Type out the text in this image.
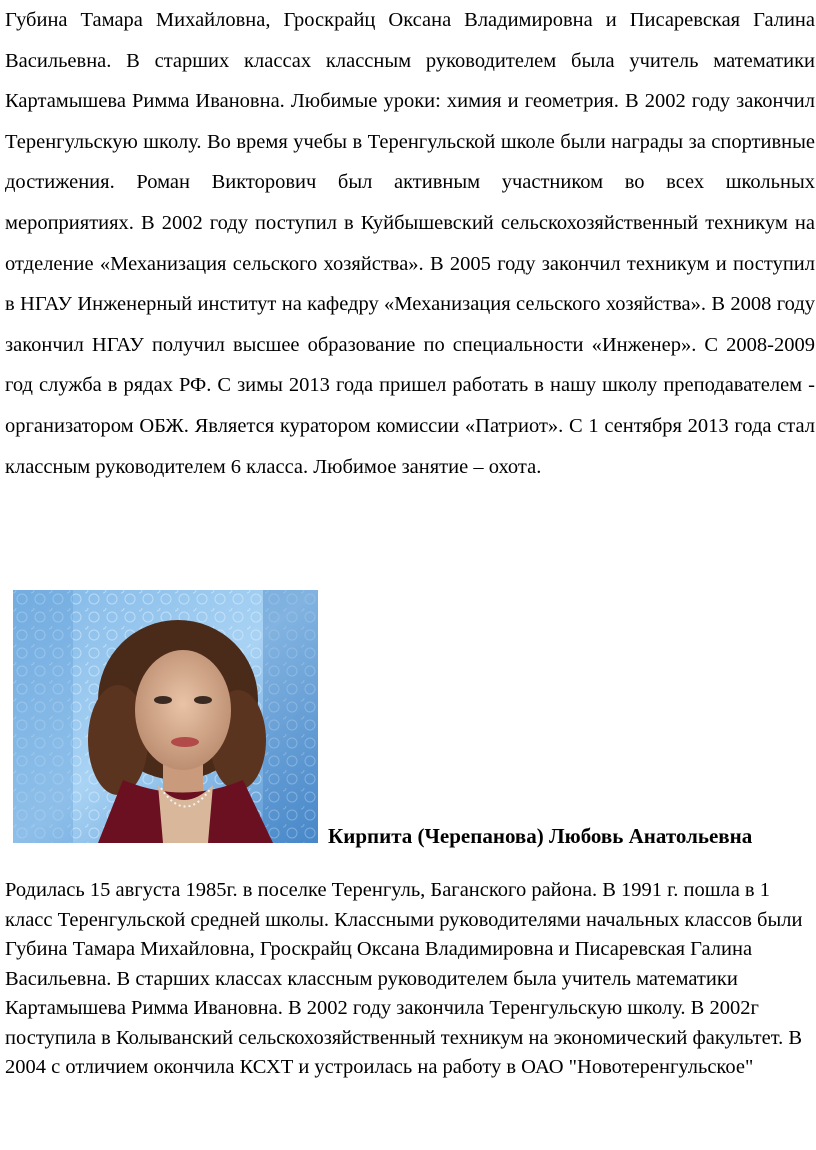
Губина Тамара Михайловна, Гроскрайц Оксана Владимировна и Писаревская Галина Васильевна. В старших классах классным руководителем была учитель математики Картамышева Римма Ивановна. Любимые уроки: химия и геометрия. В 2002 году закончил Теренгульскую школу. Во время учебы в Теренгульской школе были награды за спортивные достижения. Роман Викторович был активным участником во всех школьных мероприятиях. В 2002 году поступил в Куйбышевский сельскохозяйственный техникум на отделение «Механизация сельского хозяйства». В 2005 году закончил техникум и поступил в НГАУ Инженерный институт на кафедру «Механизация сельского хозяйства». В 2008 году закончил НГАУ получил высшее образование по специальности «Инженер». С 2008-2009 год служба в рядах РФ. С зимы 2013 года пришел работать в нашу школу преподавателем - организатором ОБЖ. Является куратором комиссии «Патриот». С 1 сентября 2013 года стал классным руководителем 6 класса. Любимое занятие – охота.

Кирпита (Черепанова) Любовь Анатольевна

Родилась 15 августа 1985г. в поселке Теренгуль, Баганского района. В 1991 г. пошла в 1 класс Теренгульской средней школы. Классными руководителями начальных классов были Губина Тамара Михайловна, Гроскрайц Оксана Владимировна и Писаревская Галина Васильевна. В старших классах классным руководителем была учитель математики Картамышева Римма Ивановна. В 2002 году закончила Теренгульскую школу. В 2002г поступила в Колыванский сельскохозяйственный техникум на экономический факультет. В 2004 с отличием окончила КСХТ и устроилась на работу в ОАО "Новотеренгульское"
